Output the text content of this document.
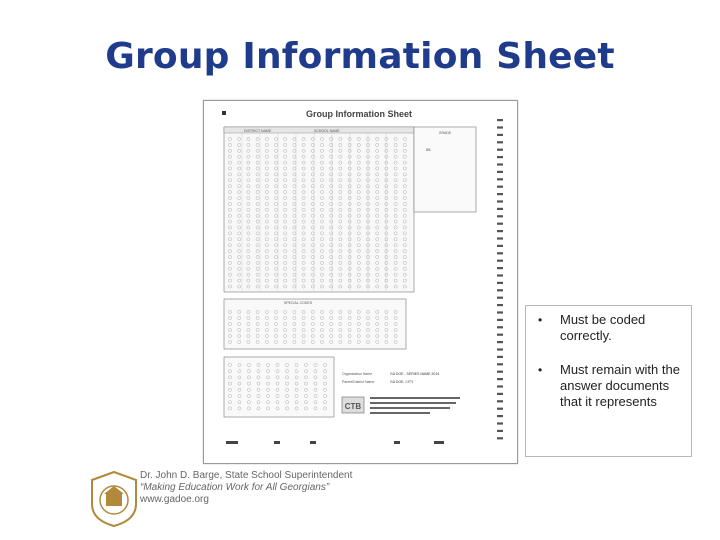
Group Information Sheet
Group Information Sheet
DISTRICT NAME	SCHOOL NAME	GRADE
05
SPECIAL CODES
Organization Name	GA DOE - SERIES NAME 2014
Parent/District Name	GA DOE, CITY
CTB
• Must be coded correctly.
• Must remain with the answer documents that it represents
Dr. John D. Barge, State School Superintendent
“Making Education Work for All Georgians”
www.gadoe.org
